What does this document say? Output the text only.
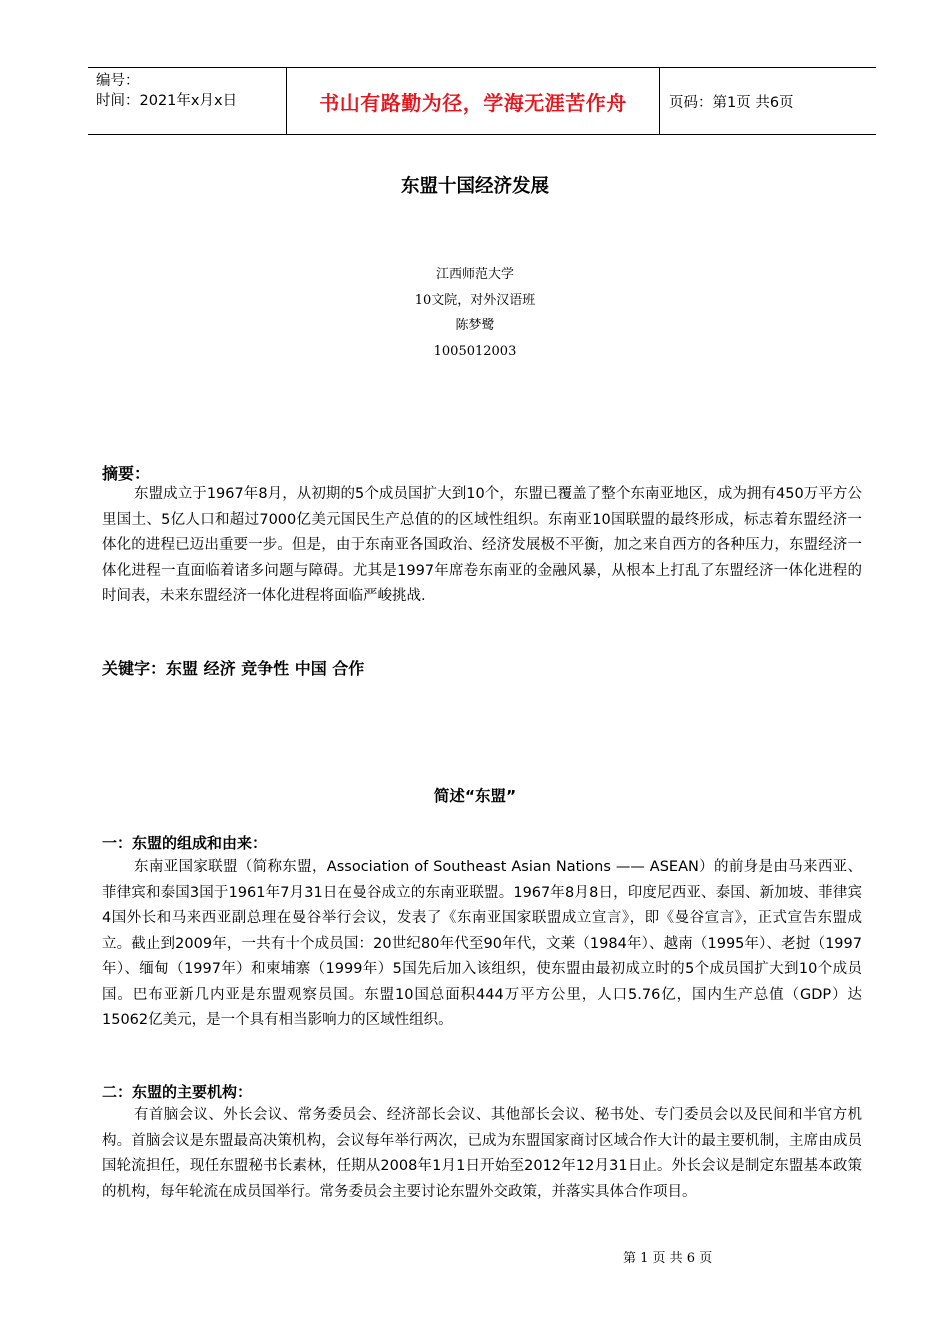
编号：
时间：2021年x月x日	书山有路勤为径，学海无涯苦作舟	页码：第1页 共6页
东盟十国经济发展
江西师范大学
10文院，对外汉语班
陈梦鹭
1005012003
摘要：

东盟成立于1967年8月，从初期的5个成员国扩大到10个，东盟已覆盖了整个东南亚地区，成为拥有450万平方公里国土、5亿人口和超过7000亿美元国民生产总值的的区域性组织。东南亚10国联盟的最终形成，标志着东盟经济一体化的进程已迈出重要一步。但是，由于东南亚各国政治、经济发展极不平衡，加之来自西方的各种压力，东盟经济一体化进程一直面临着诸多问题与障碍。尤其是1997年席卷东南亚的金融风暴，从根本上打乱了东盟经济一体化进程的时间表，未来东盟经济一体化进程将面临严峻挑战.

关键字：东盟 经济 竞争性 中国 合作
简述“东盟”
一：东盟的组成和由来：

东南亚国家联盟（简称东盟，Association of Southeast Asian Nations —— ASEAN）的前身是由马来西亚、菲律宾和泰国3国于1961年7月31日在曼谷成立的东南亚联盟。1967年8月8日，印度尼西亚、泰国、新加坡、菲律宾4国外长和马来西亚副总理在曼谷举行会议，发表了《东南亚国家联盟成立宣言》，即《曼谷宣言》，正式宣告东盟成立。截止到2009年，一共有十个成员国：20世纪80年代至90年代，文莱（1984年）、越南（1995年）、老挝（1997年）、缅甸（1997年）和柬埔寨（1999年）5国先后加入该组织，使东盟由最初成立时的5个成员国扩大到10个成员国。巴布亚新几内亚是东盟观察员国。东盟10国总面积444万平方公里，人口5.76亿，国内生产总值（GDP）达15062亿美元，是一个具有相当影响力的区域性组织。

二：东盟的主要机构：

有首脑会议、外长会议、常务委员会、经济部长会议、其他部长会议、秘书处、专门委员会以及民间和半官方机构。首脑会议是东盟最高决策机构，会议每年举行两次，已成为东盟国家商讨区域合作大计的最主要机制，主席由成员国轮流担任，现任东盟秘书长素林，任期从2008年1月1日开始至2012年12月31日止。外长会议是制定东盟基本政策的机构，每年轮流在成员国举行。常务委员会主要讨论东盟外交政策，并落实具体合作项目。

第 1 页 共 6 页
